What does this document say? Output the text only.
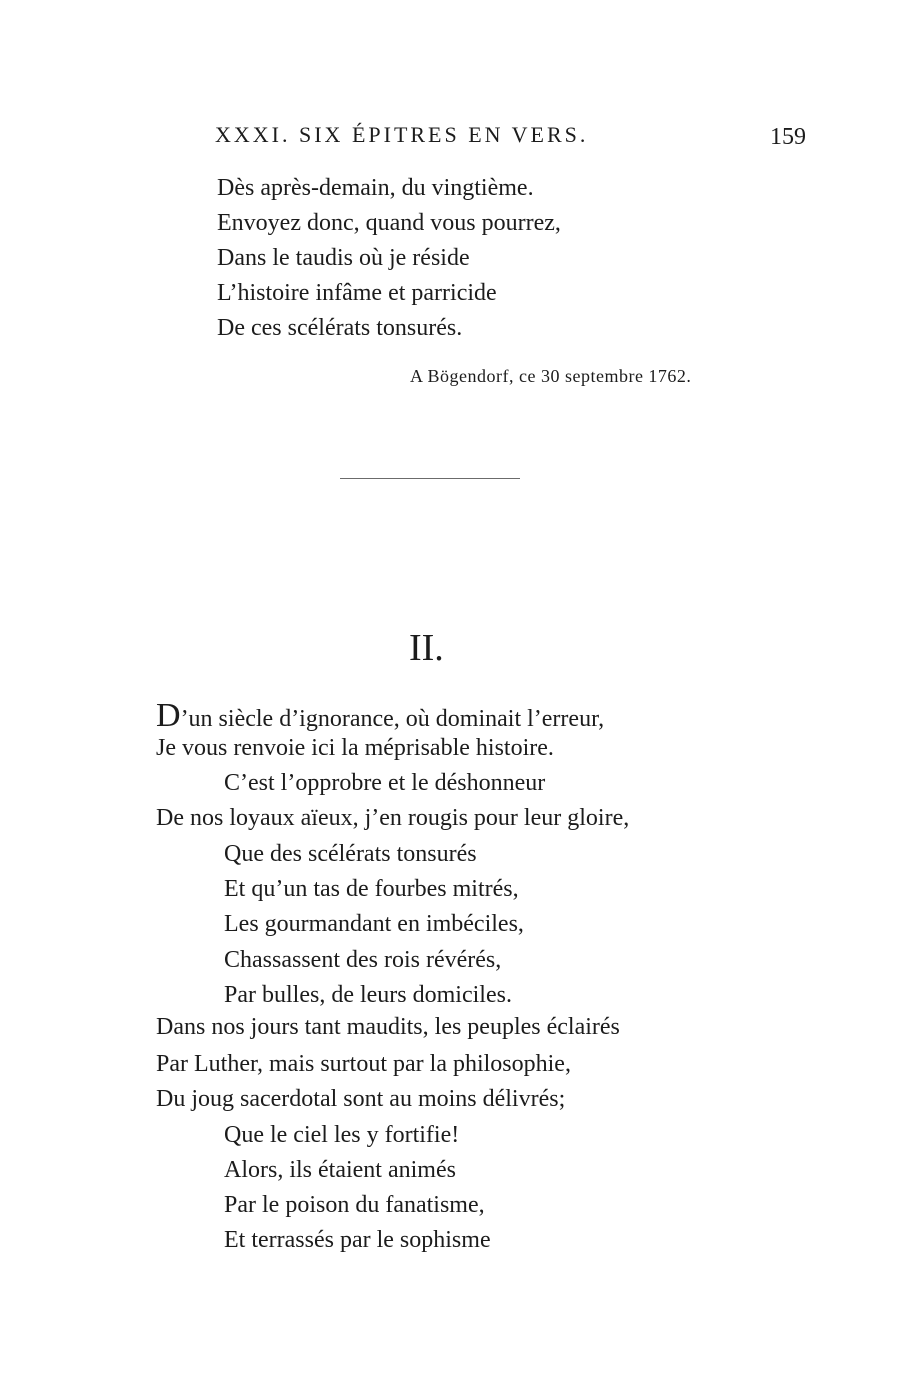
XXXI. SIX ÉPITRES EN VERS.	159
Dès après-demain, du vingtième.
Envoyez donc, quand vous pourrez,
Dans le taudis où je réside
L’histoire infâme et parricide
De ces scélérats tonsurés.
A Bögendorf, ce 30 septembre 1762.
II.
D’un siècle d’ignorance, où dominait l’erreur,
Je vous renvoie ici la méprisable histoire.
C’est l’opprobre et le déshonneur
De nos loyaux aïeux, j’en rougis pour leur gloire,
Que des scélérats tonsurés
Et qu’un tas de fourbes mitrés,
Les gourmandant en imbéciles,
Chassassent des rois révérés,
Par bulles, de leurs domiciles.
Dans nos jours tant maudits, les peuples éclairés
Par Luther, mais surtout par la philosophie,
Du joug sacerdotal sont au moins délivrés;
Que le ciel les y fortifie!
Alors, ils étaient animés
Par le poison du fanatisme,
Et terrassés par le sophisme
